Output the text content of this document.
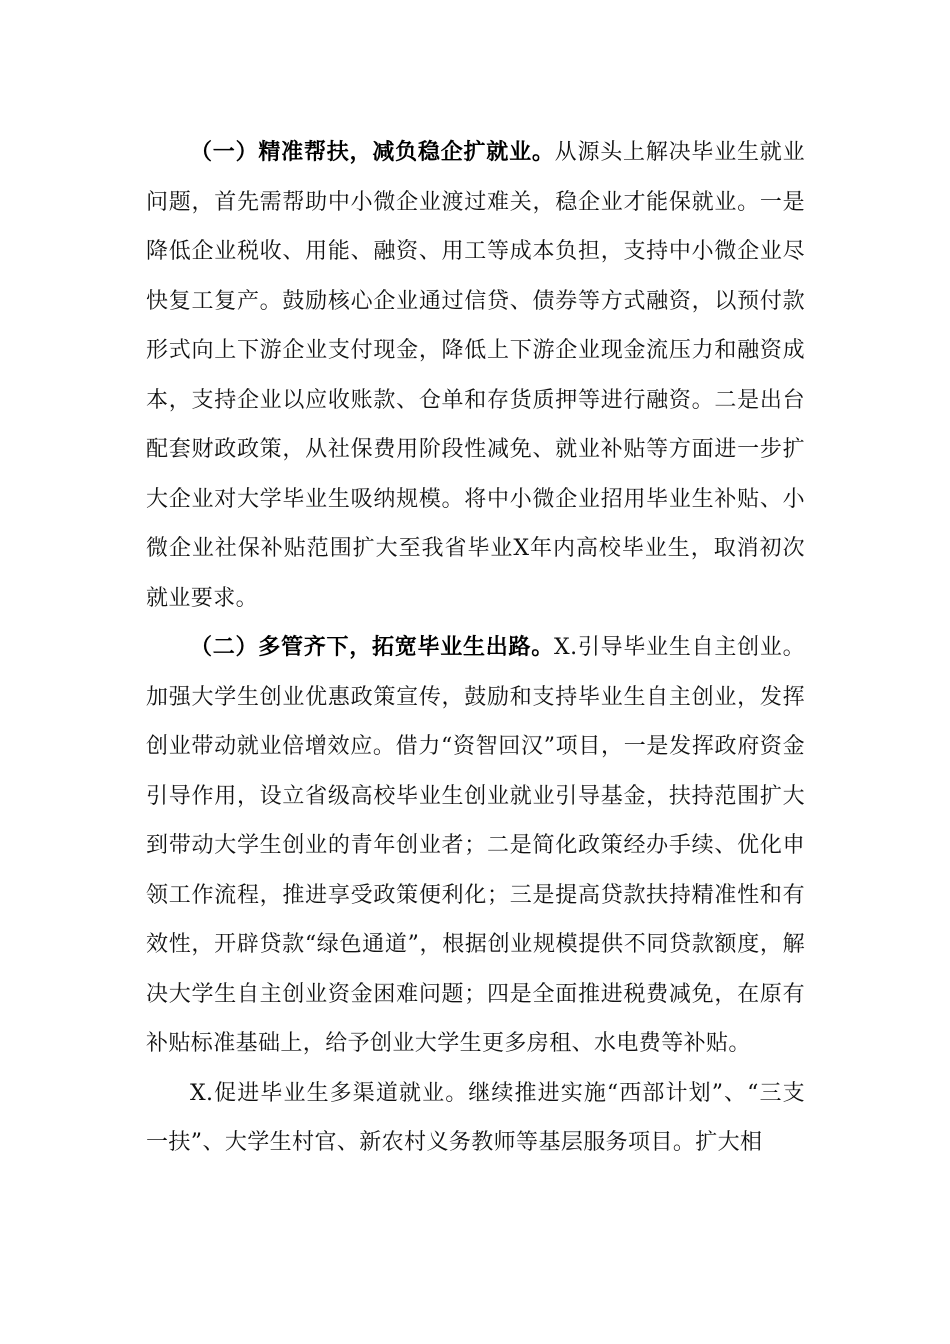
（一）精准帮扶，减负稳企扩就业。从源头上解决毕业生就业问题，首先需帮助中小微企业渡过难关，稳企业才能保就业。一是降低企业税收、用能、融资、用工等成本负担，支持中小微企业尽快复工复产。鼓励核心企业通过信贷、债券等方式融资，以预付款形式向上下游企业支付现金，降低上下游企业现金流压力和融资成本，支持企业以应收账款、仓单和存货质押等进行融资。二是出台配套财政政策，从社保费用阶段性减免、就业补贴等方面进一步扩大企业对大学毕业生吸纳规模。将中小微企业招用毕业生补贴、小微企业社保补贴范围扩大至我省毕业X年内高校毕业生，取消初次就业要求。

（二）多管齐下，拓宽毕业生出路。X.引导毕业生自主创业。加强大学生创业优惠政策宣传，鼓励和支持毕业生自主创业，发挥创业带动就业倍增效应。借力“资智回汉”项目，一是发挥政府资金引导作用，设立省级高校毕业生创业就业引导基金，扶持范围扩大到带动大学生创业的青年创业者；二是简化政策经办手续、优化申领工作流程，推进享受政策便利化；三是提高贷款扶持精准性和有效性，开辟贷款“绿色通道”，根据创业规模提供不同贷款额度，解决大学生自主创业资金困难问题；四是全面推进税费减免，在原有补贴标准基础上，给予创业大学生更多房租、水电费等补贴。

X.促进毕业生多渠道就业。继续推进实施“西部计划”、“三支一扶”、大学生村官、新农村义务教师等基层服务项目。扩大相
